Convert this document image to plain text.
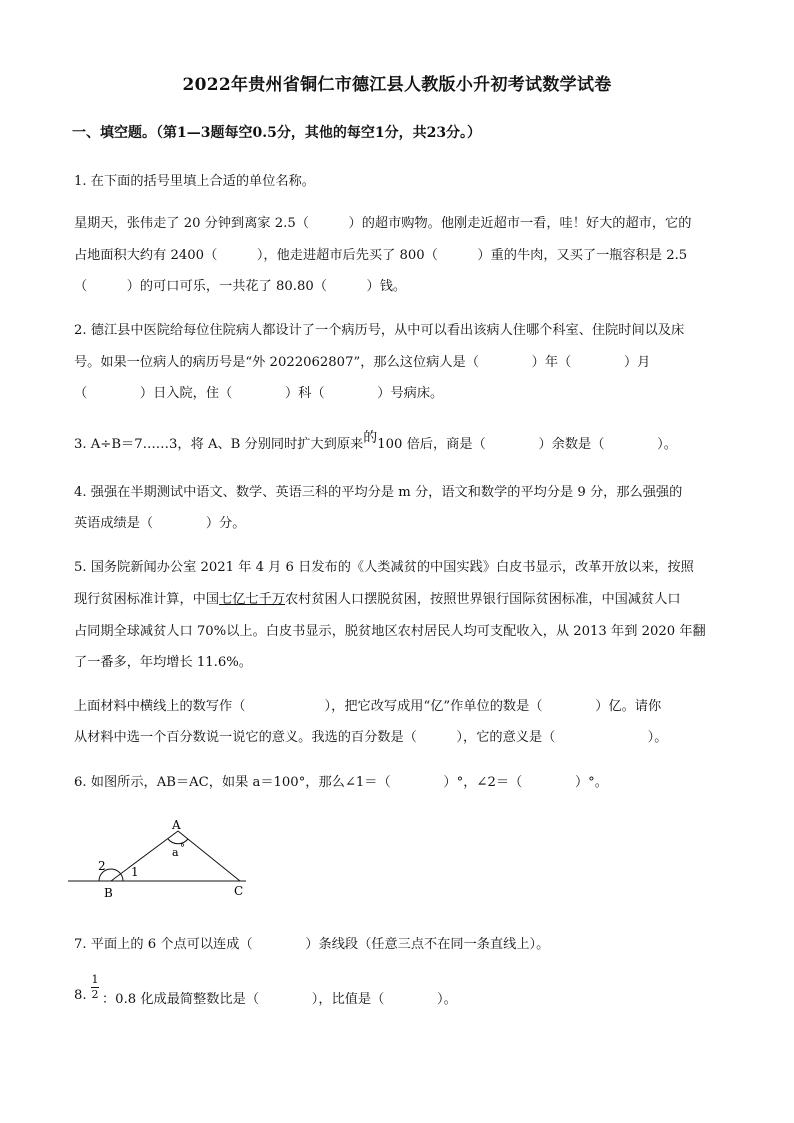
2022年贵州省铜仁市德江县人教版小升初考试数学试卷
一、填空题。（第1—3题每空0.5分，其他的每空1分，共23分。）
1. 在下面的括号里填上合适的单位名称。
星期天，张伟走了 20 分钟到离家 2.5（　　　）的超市购物。他刚走近超市一看，哇！好大的超市，它的
占地面积大约有 2400（　　　），他走进超市后先买了 800（　　　）重的牛肉，又买了一瓶容积是 2.5
（　　　）的可口可乐，一共花了 80.80（　　　）钱。
2. 德江县中医院给每位住院病人都设计了一个病历号，从中可以看出该病人住哪个科室、住院时间以及床
号。如果一位病人的病历号是“外 2022062807”，那么这位病人是（　　　　）年（　　　　）月
（　　　　）日入院，住（　　　　）科（　　　　）号病床。
3. A÷B＝7……3，将 A、B 分别同时扩大到原来的100 倍后，商是（　　　　）余数是（　　　　）。
4. 强强在半期测试中语文、数学、英语三科的平均分是 m 分，语文和数学的平均分是 9 分，那么强强的
英语成绩是（　　　　）分。
5. 国务院新闻办公室 2021 年 4 月 6 日发布的《人类减贫的中国实践》白皮书显示，改革开放以来，按照
现行贫困标准计算，中国七亿七千万农村贫困人口摆脱贫困，按照世界银行国际贫困标准，中国减贫人口
占同期全球减贫人口 70%以上。白皮书显示，脱贫地区农村居民人均可支配收入，从 2013 年到 2020 年翻
了一番多，年均增长 11.6%。
上面材料中横线上的数写作（　　　　　　），把它改写成用“亿”作单位的数是（　　　　）亿。请你
从材料中选一个百分数说一说它的意义。我选的百分数是（　　　），它的意义是（　　　　　　　）。
6. 如图所示，AB＝AC，如果 a＝100°，那么∠1＝（　　　　）°，∠2＝（　　　　）°。
A
B	C
a °
1
2
7. 平面上的 6 个点可以连成（　　　　）条线段（任意三点不在同一条直线上）。
8.
1
2 ：0.8 化成最简整数比是（　　　　），比值是（　　　　）。
